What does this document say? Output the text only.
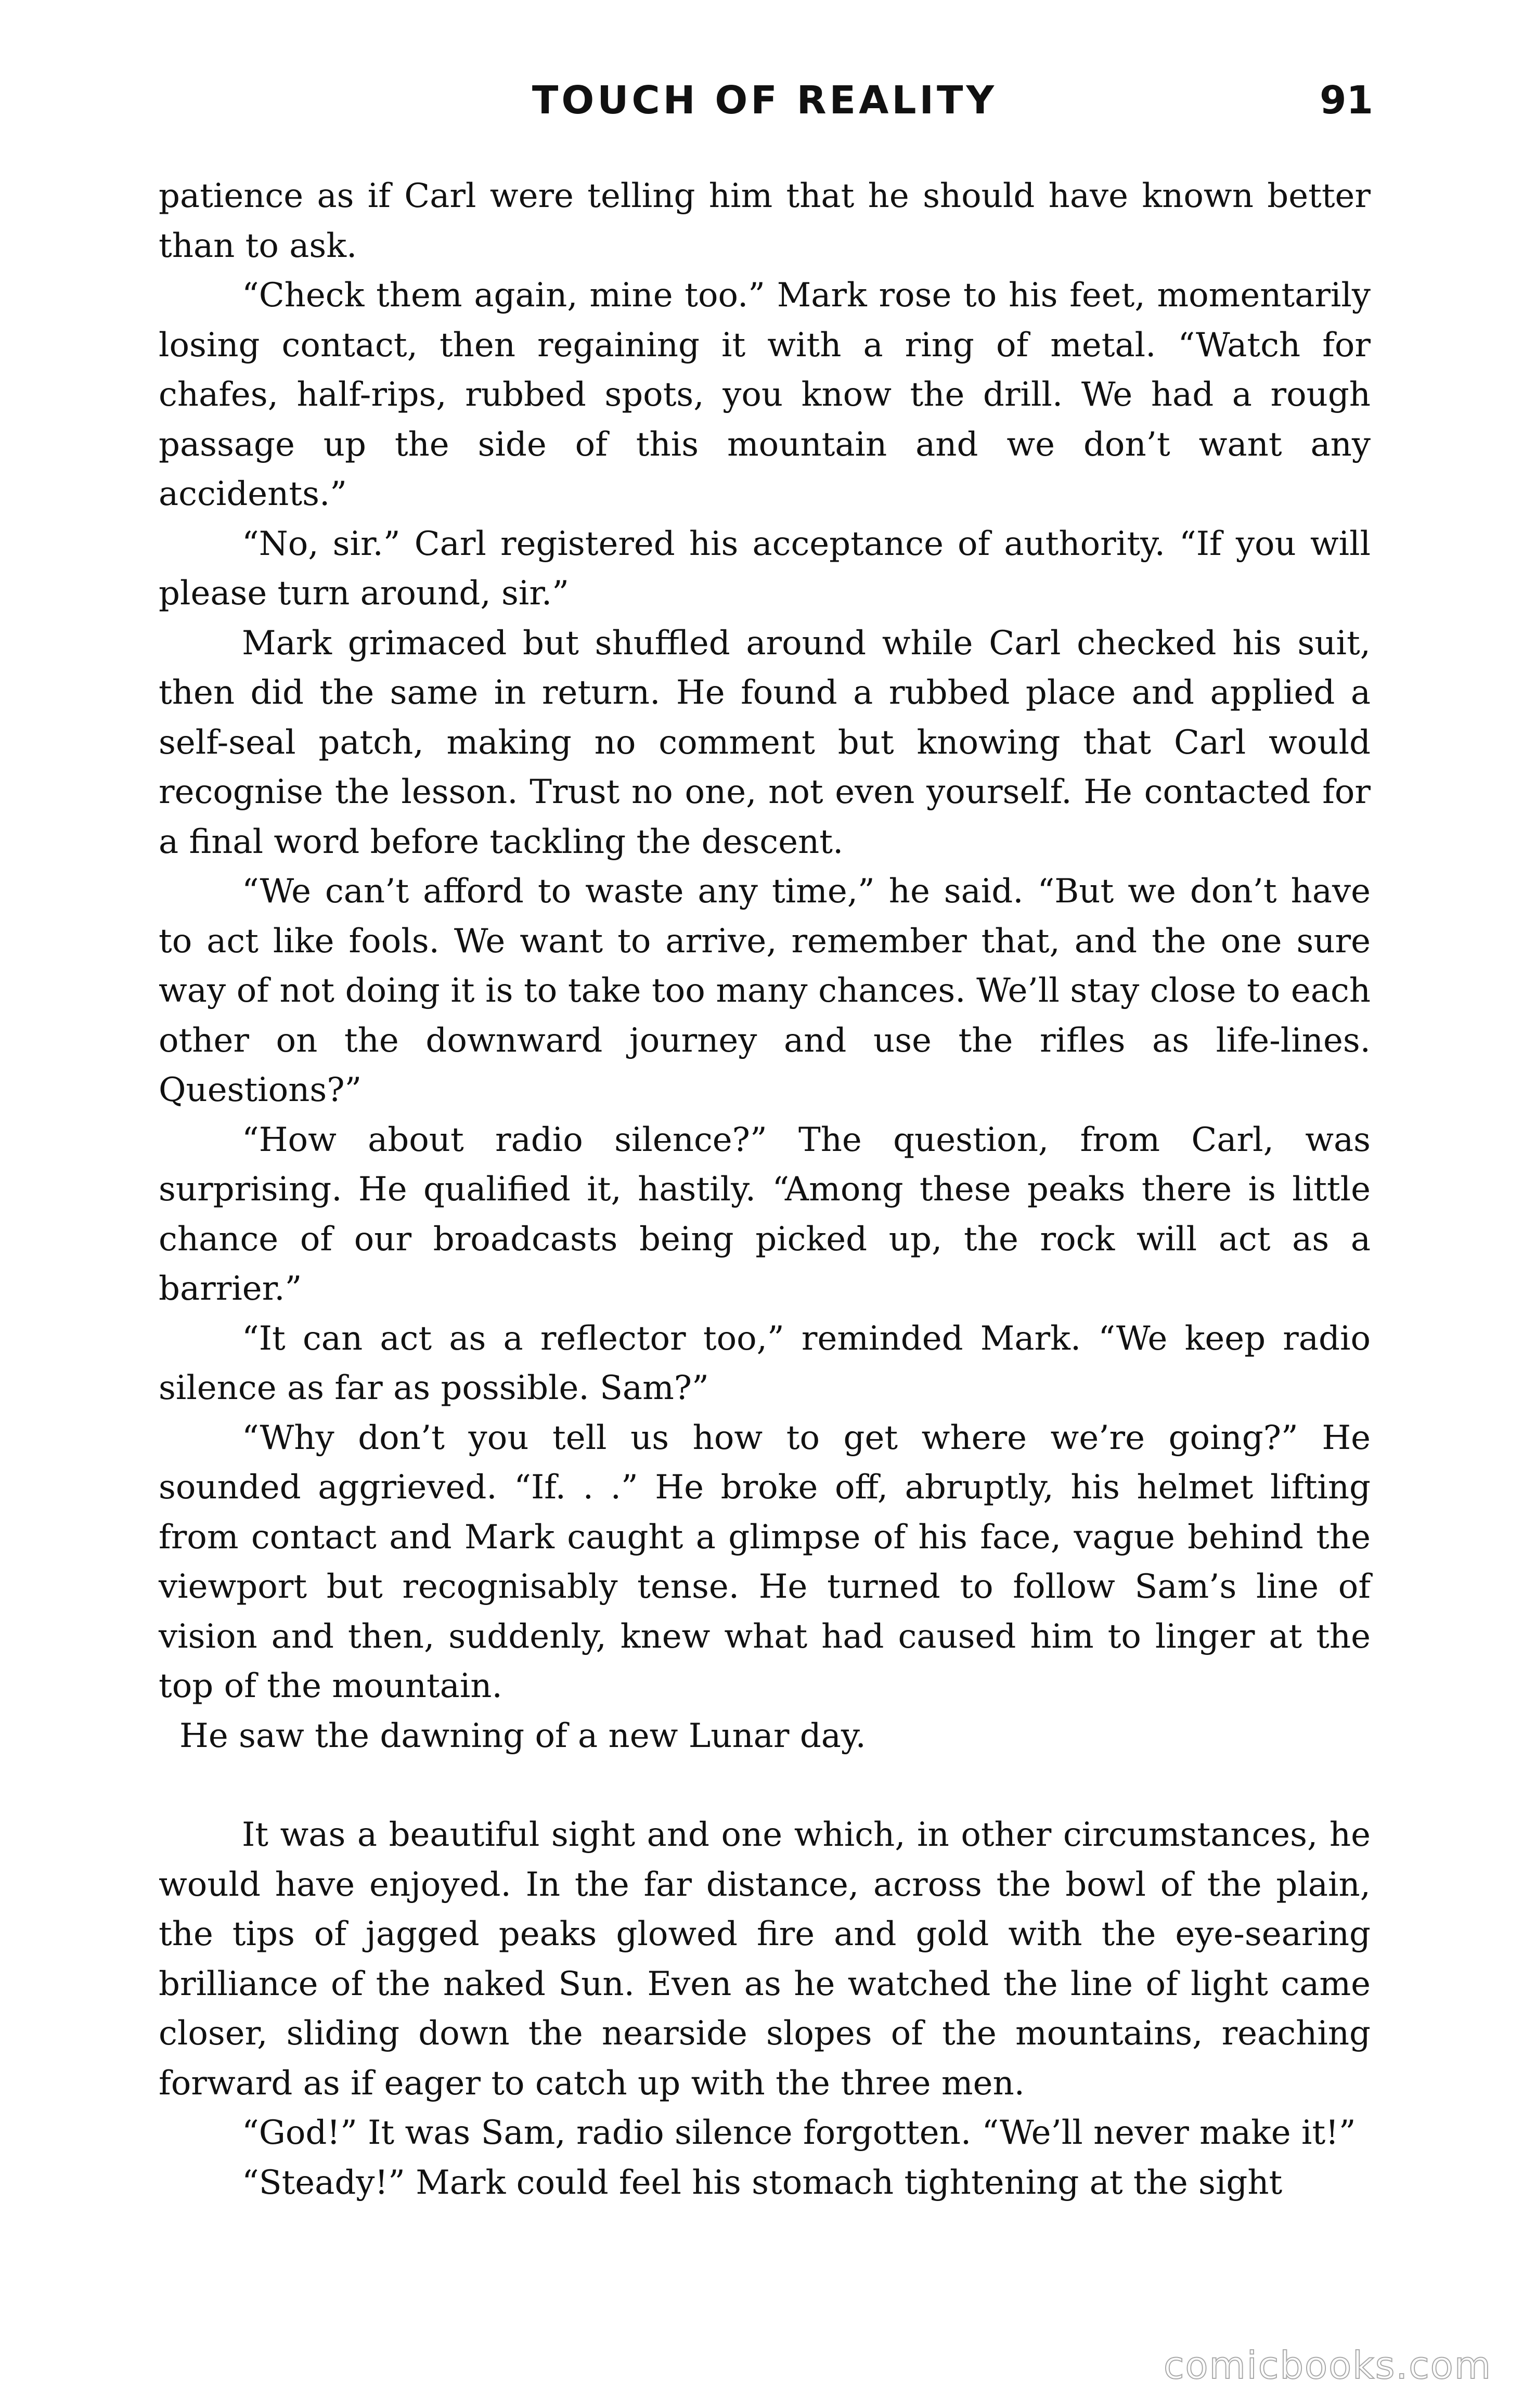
TOUCH OF REALITY	91

patience as if Carl were telling him that he should have known better than to ask.

“Check them again, mine too.” Mark rose to his feet, momentarily losing contact, then regaining it with a ring of metal. “Watch for chafes, half-rips, rubbed spots, you know the drill. We had a rough passage up the side of this mountain and we don’t want any accidents.”

“No, sir.” Carl registered his acceptance of authority. “If you will please turn around, sir.”

Mark grimaced but shuffled around while Carl checked his suit, then did the same in return. He found a rubbed place and applied a self-seal patch, making no comment but knowing that Carl would recognise the lesson. Trust no one, not even yourself. He contacted for a final word before tackling the descent.

“We can’t afford to waste any time,” he said. “But we don’t have to act like fools. We want to arrive, remember that, and the one sure way of not doing it is to take too many chances. We’ll stay close to each other on the downward journey and use the rifles as life-lines. Questions?”

“How about radio silence?” The question, from Carl, was surprising. He qualified it, hastily. “Among these peaks there is little chance of our broadcasts being picked up, the rock will act as a barrier.”

“It can act as a reflector too,” reminded Mark. “We keep radio silence as far as possible. Sam?”

“Why don’t you tell us how to get where we’re going?” He sounded aggrieved. “If. . .” He broke off, abruptly, his helmet lifting from contact and Mark caught a glimpse of his face, vague behind the viewport but recognisably tense. He turned to follow Sam’s line of vision and then, suddenly, knew what had caused him to linger at the top of the mountain.

He saw the dawning of a new Lunar day.

It was a beautiful sight and one which, in other circumstances, he would have enjoyed. In the far distance, across the bowl of the plain, the tips of jagged peaks glowed fire and gold with the eye-searing brilliance of the naked Sun. Even as he watched the line of light came closer, sliding down the nearside slopes of the mountains, reaching forward as if eager to catch up with the three men.

“God!” It was Sam, radio silence forgotten. “We’ll never make it!”

“Steady!” Mark could feel his stomach tightening at the sight

comicbooks.com
